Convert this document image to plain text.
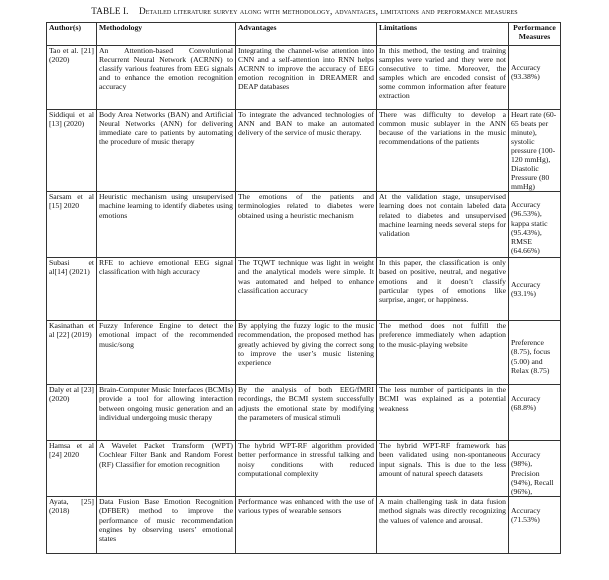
TABLE I. Detailed literature survey along with methodology, advantages, limitations and performance measures
Author(s)	Methodology	Advantages	Limitations	Performance Measures
Tao et al. [21] (2020)	An Attention-based Convolutional Recurrent Neural Network (ACRNN) to classify various features from EEG signals and to enhance the emotion recognition accuracy	Integrating the channel-wise attention into CNN and a self-attention into RNN helps ACRNN to improve the accuracy of EEG emotion recognition in DREAMER and DEAP databases	In this method, the testing and training samples were varied and they were not consecutive to time. Moreover, the samples which are encoded consist of some common information after feature extraction	Accuracy (93.38%)
Siddiqui et al [13] (2020)	Body Area Networks (BAN) and Artificial Neural Networks (ANN) for delivering immediate care to patients by automating the procedure of music therapy	To integrate the advanced technologies of ANN and BAN to make an automated delivery of the service of music therapy.	There was difficulty to develop a common music sublayer in the ANN because of the variations in the music recommendations of the patients	Heart rate (60-65 beats per minute), systolic pressure (100-120 mmHg), Diastolic Pressure (80 mmHg)
Sarsam et al [15] 2020	Heuristic mechanism using unsupervised machine learning to identify diabetes using emotions	The emotions of the patients and terminologies related to diabetes were obtained using a heuristic mechanism	At the validation stage, unsupervised learning does not contain labeled data related to diabetes and unsupervised machine learning needs several steps for validation	Accuracy (96.53%), kappa static (95.43%), RMSE (64.66%)
Subasi et al[14] (2021)	RFE to achieve emotional EEG signal classification with high accuracy	The TQWT technique was light in weight and the analytical models were simple. It was automated and helped to enhance classification accuracy	In this paper, the classification is only based on positive, neutral, and negative emotions and it doesn’t classify particular types of emotions like surprise, anger, or happiness.	Accuracy (93.1%)
Kasinathan et al [22] (2019)	Fuzzy Inference Engine to detect the emotional impact of the recommended music/song	By applying the fuzzy logic to the music recommendation, the proposed method has greatly achieved by giving the correct song to improve the user’s music listening experience	The method does not fulfill the preference immediately when adaption to the music-playing website	Preference (8.75), focus (5.00) and Relax (8.75)
Daly et al [23] (2020)	Brain-Computer Music Interfaces (BCMIs) provide a tool for allowing interaction between ongoing music generation and an individual undergoing music therapy	By the analysis of both EEG/fMRI recordings, the BCMI system successfully adjusts the emotional state by modifying the parameters of musical stimuli	The less number of participants in the BCMI was explained as a potential weakness	Accuracy (68.8%)
Hamsa et al [24] 2020	A Wavelet Packet Transform (WPT) Cochlear Filter Bank and Random Forest (RF) Classifier for emotion recognition	The hybrid WPT-RF algorithm provided better performance in stressful talking and noisy conditions with reduced computational complexity	The hybrid WPT-RF framework has been validated using non-spontaneous input signals. This is due to the less amount of natural speech datasets	Accuracy (98%), Precision (94%), Recall (96%),
Ayata, [25] (2018)	Data Fusion Base Emotion Recognition (DFBER) method to improve the performance of music recommendation engines by observing users’ emotional states	Performance was enhanced with the use of various types of wearable sensors	A main challenging task in data fusion method signals was directly recognizing the values of valence and arousal.	Accuracy (71.53%)
